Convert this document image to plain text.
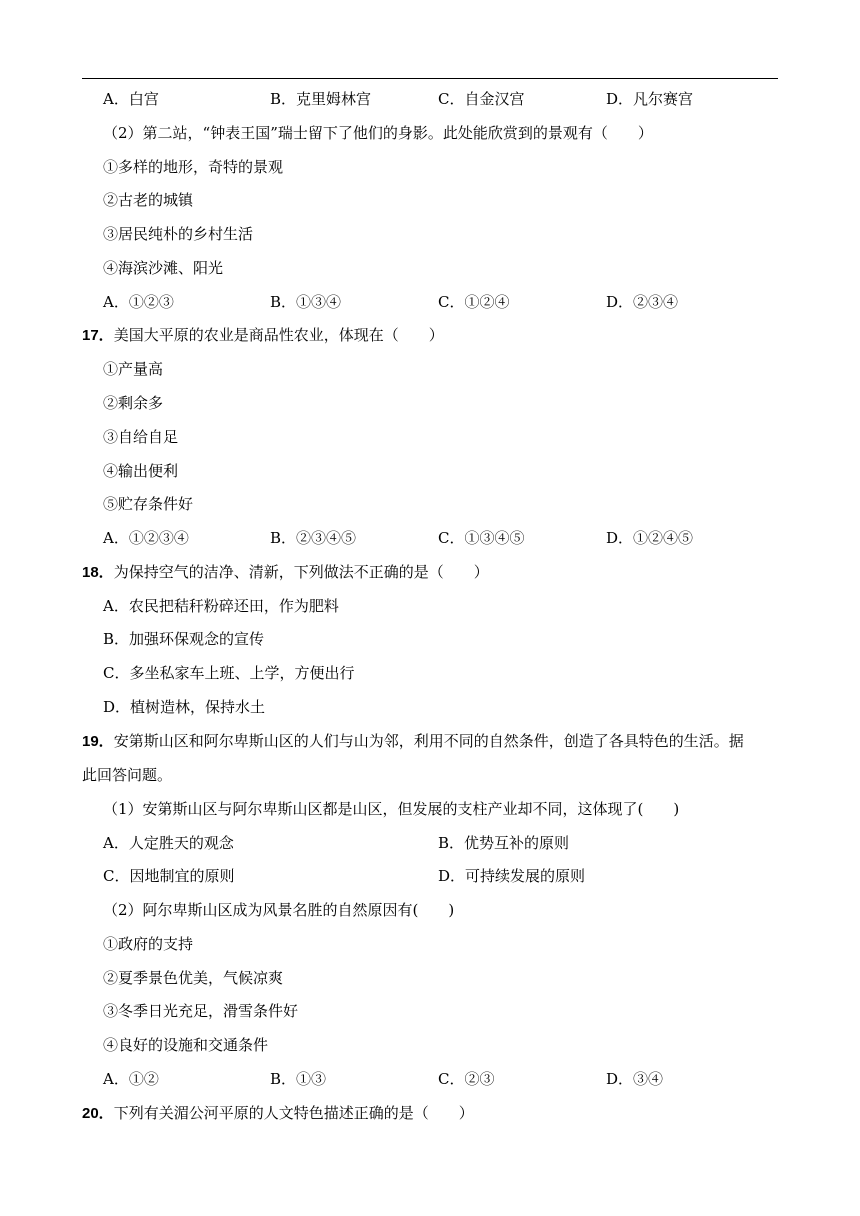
A．白宫	B．克里姆林宫	C．自金汉宫	D．凡尔赛宫
（2）第二站，“钟表王国”瑞士留下了他们的身影。此处能欣赏到的景观有（　　）
①多样的地形，奇特的景观
②古老的城镇
③居民纯朴的乡村生活
④海滨沙滩、阳光
A．①②③	B．①③④	C．①②④	D．②③④
17．美国大平原的农业是商品性农业，体现在（　　）
①产量高
②剩余多
③自给自足
④输出便利
⑤贮存条件好
A．①②③④	B．②③④⑤	C．①③④⑤	D．①②④⑤
18．为保持空气的洁净、清新，下列做法不正确的是（　　）
A．农民把秸秆粉碎还田，作为肥料
B．加强环保观念的宣传
C．多坐私家车上班、上学，方便出行
D．植树造林，保持水土
19．安第斯山区和阿尔卑斯山区的人们与山为邻，利用不同的自然条件，创造了各具特色的生活。据
此回答问题。
（1）安第斯山区与阿尔卑斯山区都是山区，但发展的支柱产业却不同，这体现了(　　)
A．人定胜天的观念	B．优势互补的原则
C．因地制宜的原则	D．可持续发展的原则
（2）阿尔卑斯山区成为风景名胜的自然原因有(　　)
①政府的支持
②夏季景色优美，气候凉爽
③冬季日光充足，滑雪条件好
④良好的设施和交通条件
A．①②	B．①③	C．②③	D．③④
20．下列有关湄公河平原的人文特色描述正确的是（　　）
